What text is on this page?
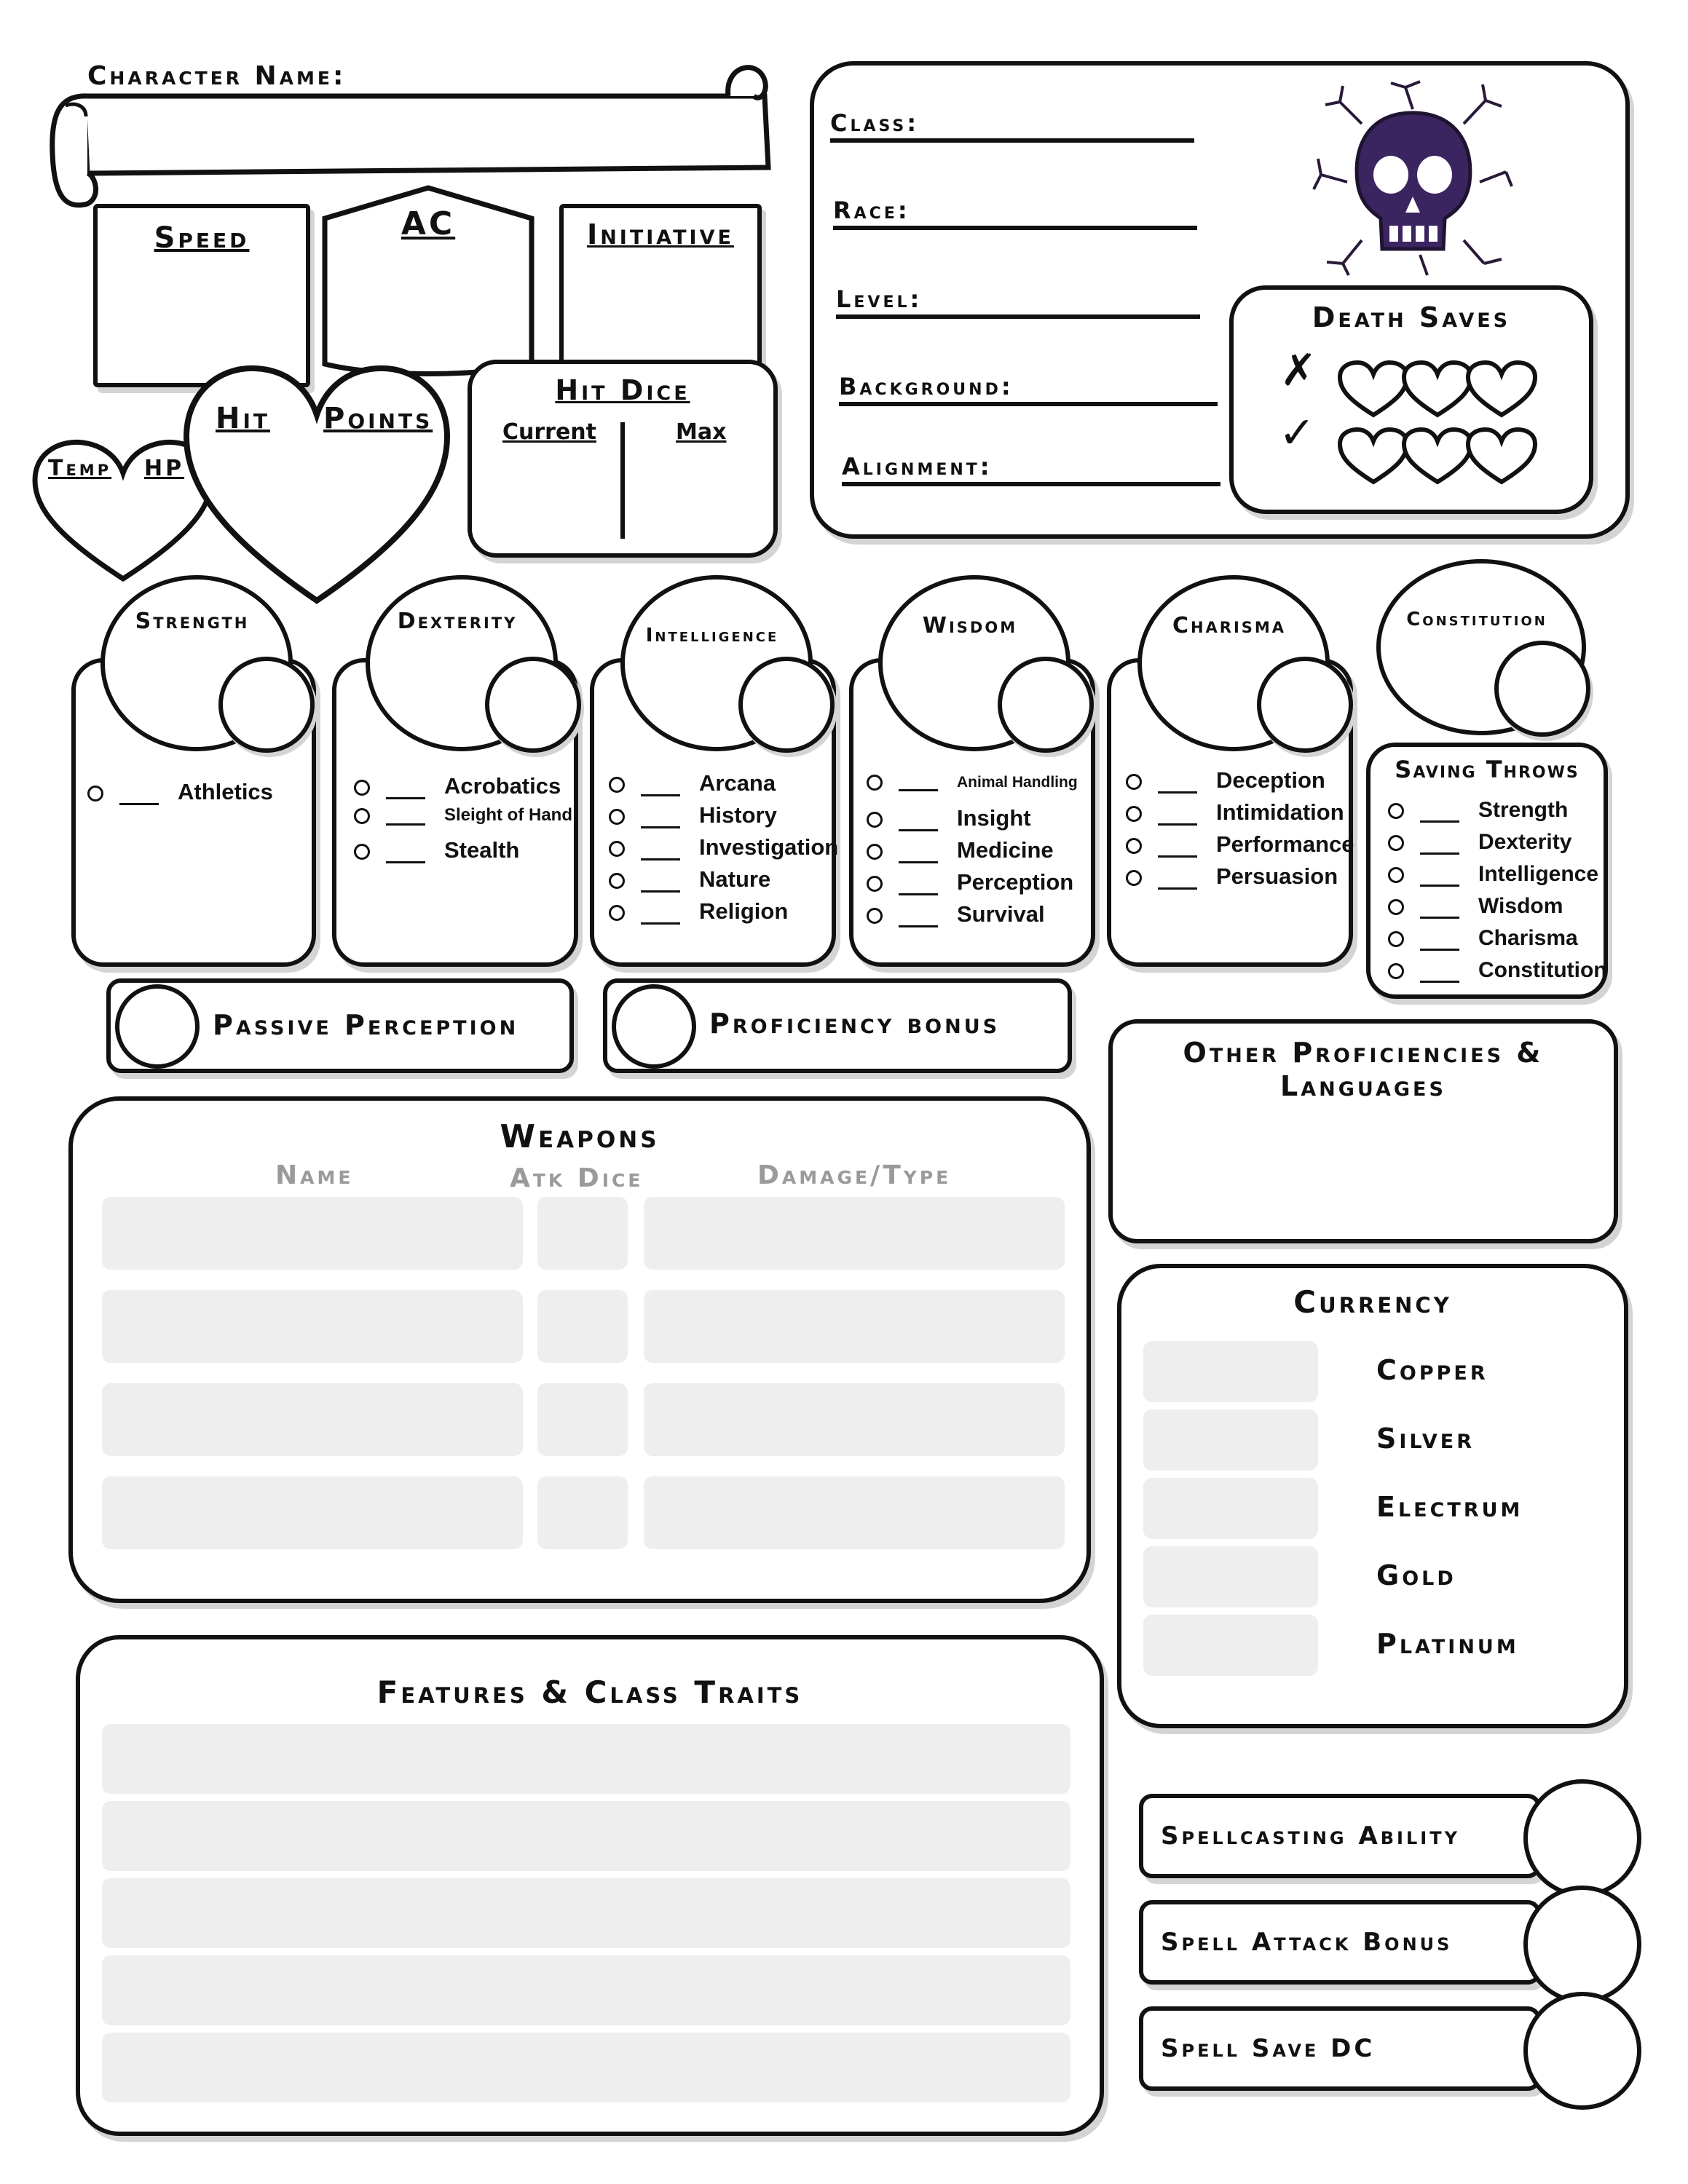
Character Name:
Speed	AC	Initiative
Temp HP
Hit Points
Hit Dice
Current	Max
Class:
Race:
Level:
Background:
Alignment:
Death Saves
✗
✓
Strength
Athletics
Dexterity
Acrobatics
Sleight of Hand
Stealth
Intelligence
Arcana
History
Investigation
Nature
Religion
Wisdom
Animal Handling
Insight
Medicine
Perception
Survival
Charisma
Deception
Intimidation
Performance
Persuasion
Constitution
Saving Throws
Strength
Dexterity
Intelligence
Wisdom
Charisma
Constitution
Passive Perception	Proficiency bonus
Other Proficiencies &
Languages
Weapons
Name	Atk Dice	Damage/Type
Currency
Copper
Silver
Electrum
Gold
Platinum
Features & Class Traits
Spellcasting Ability
Spell Attack Bonus
Spell Save DC
